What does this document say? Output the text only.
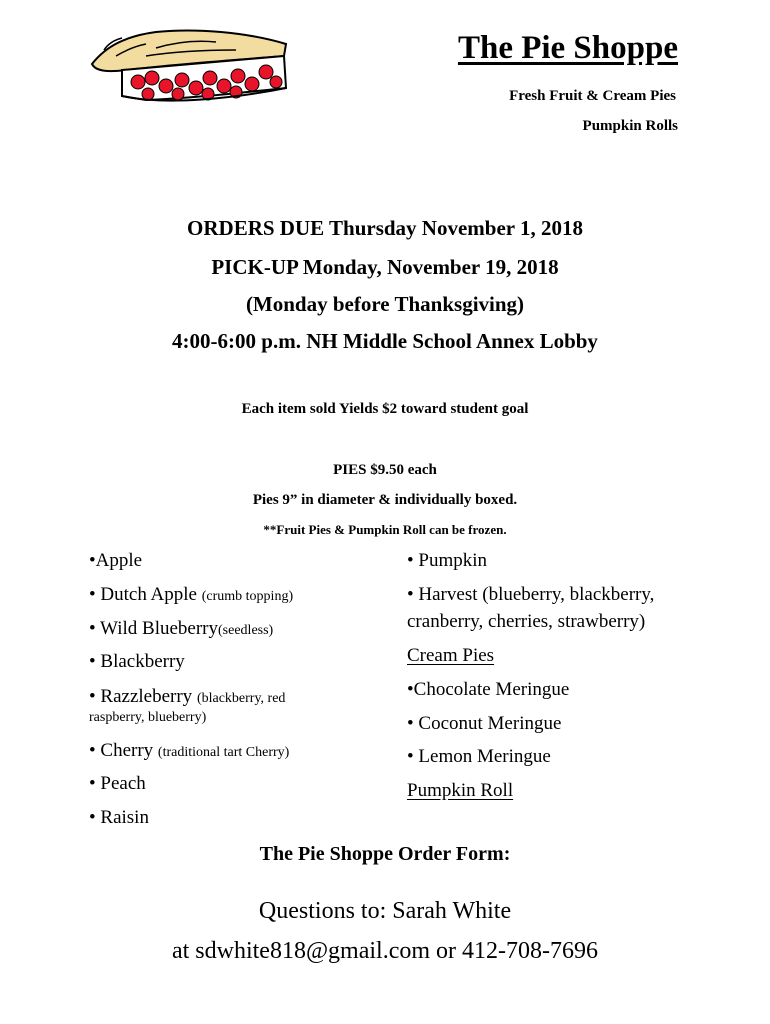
The Pie Shoppe
Fresh Fruit & Cream Pies
Pumpkin Rolls
ORDERS DUE Thursday November 1, 2018
PICK-UP Monday, November 19, 2018
(Monday before Thanksgiving)
4:00-6:00 p.m. NH Middle School Annex Lobby
Each item sold Yields $2 toward student goal
PIES $9.50 each
Pies 9” in diameter & individually boxed.
**Fruit Pies & Pumpkin Roll can be frozen.
•Apple
• Dutch Apple (crumb topping)
• Wild Blueberry(seedless)
• Blackberry
• Razzleberry (blackberry, red
raspberry, blueberry)
• Cherry (traditional tart Cherry)
• Peach
• Raisin
• Pumpkin
• Harvest (blueberry, blackberry,
cranberry, cherries, strawberry)
Cream Pies
•Chocolate Meringue
• Coconut Meringue
• Lemon Meringue
Pumpkin Roll
The Pie Shoppe Order Form:
Questions to: Sarah White
at sdwhite818@gmail.com or 412-708-7696
